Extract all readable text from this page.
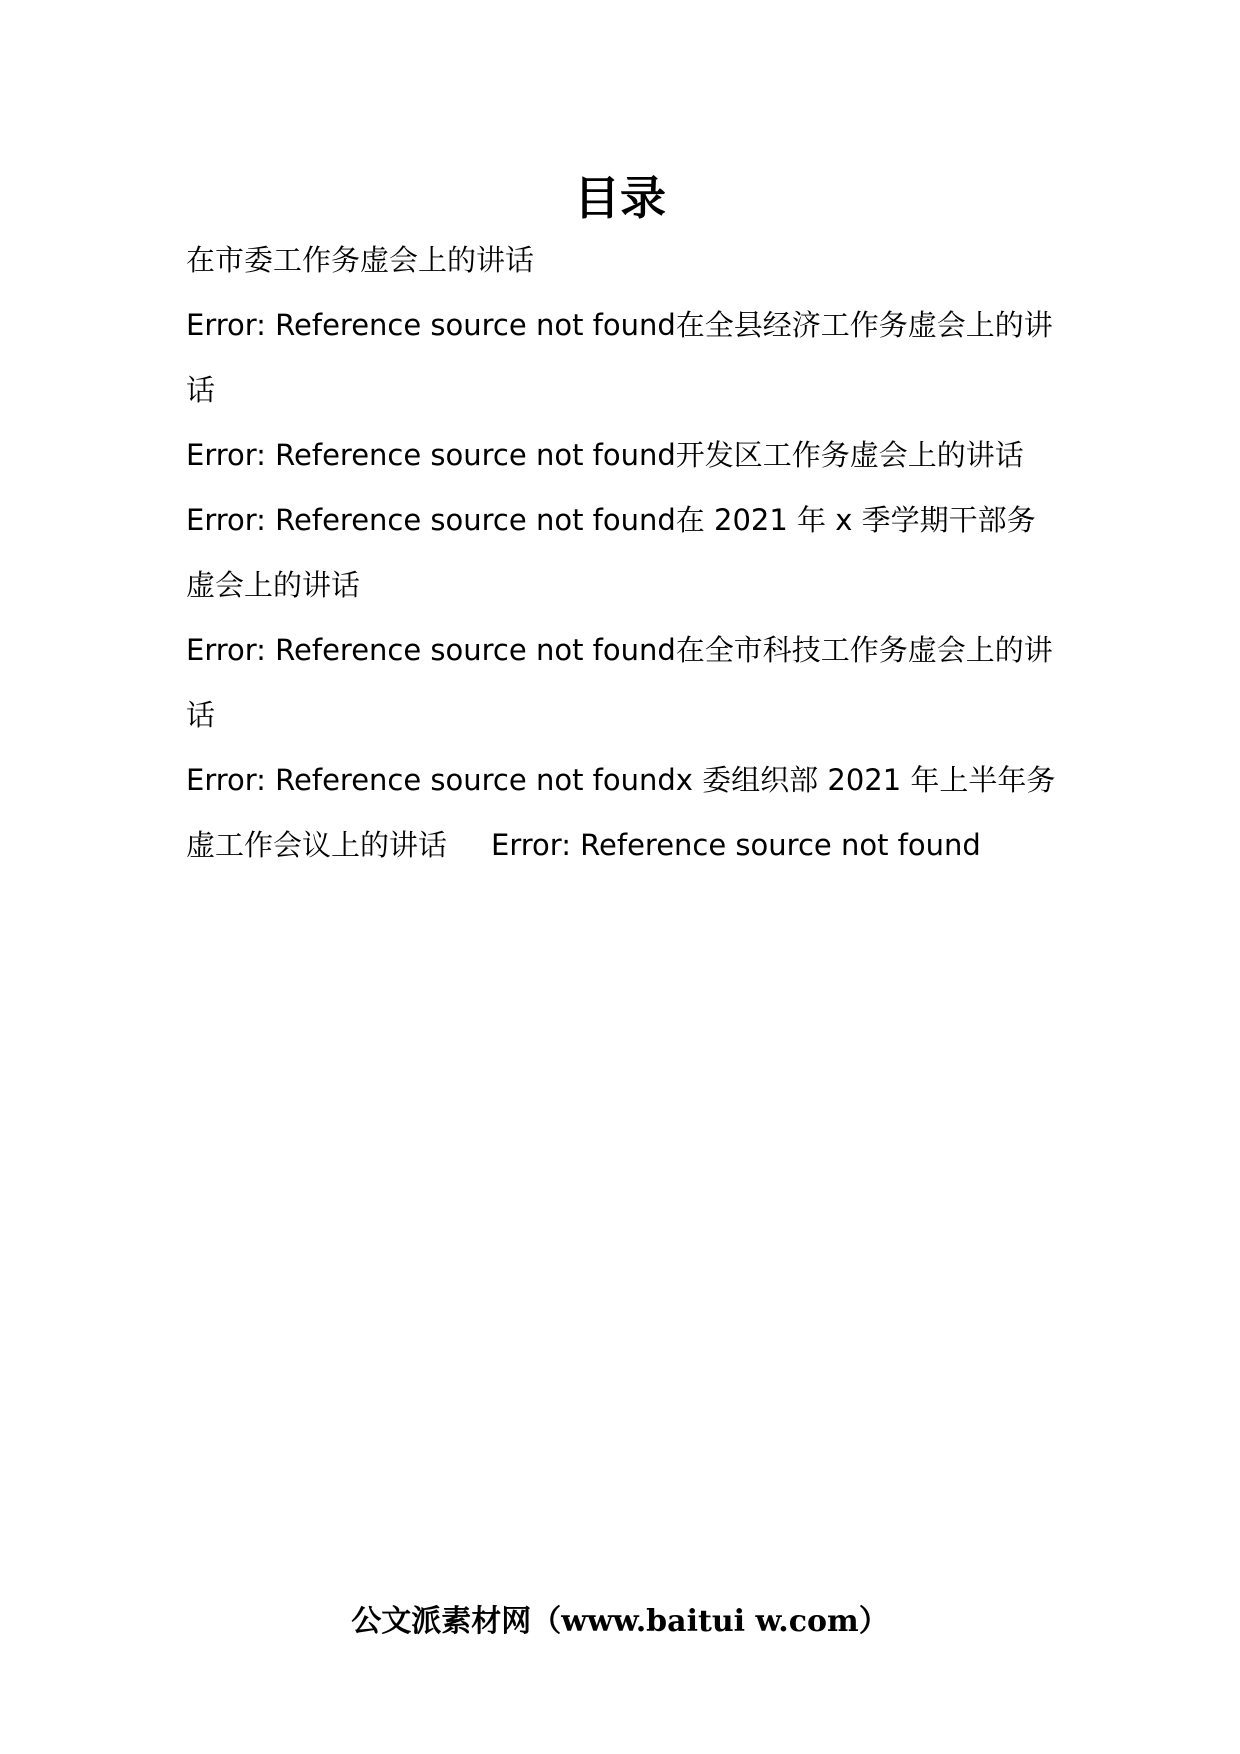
目录

在市委工作务虚会上的讲话

Error: Reference source not found在全县经济工作务虚会上的讲话

Error: Reference source not found开发区工作务虚会上的讲话

Error: Reference source not found在 2021 年 x 季学期干部务虚会上的讲话

Error: Reference source not found在全市科技工作务虚会上的讲话

Error: Reference source not foundx 委组织部 2021 年上半年务虚工作会议上的讲话 Error: Reference source not found

公文派素材网（www.baitui w.com）
